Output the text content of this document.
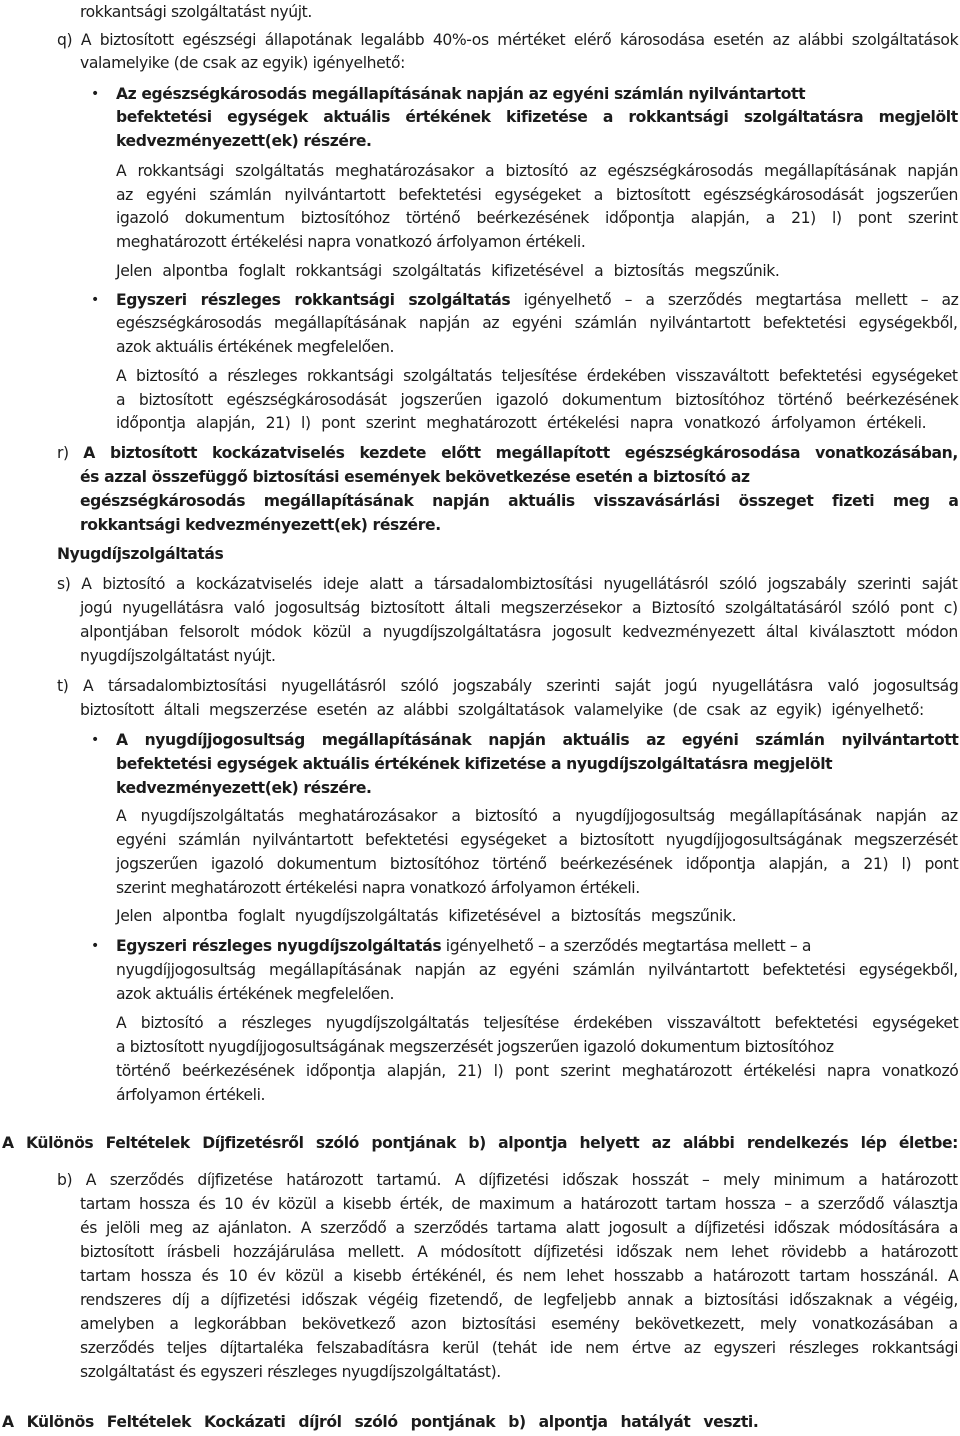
•
•
•
•
rokkantsági szolgáltatást nyújt.
q) A biztosított egészségi állapotának legalább 40%-os mértéket elérő károsodása esetén az alábbi szolgáltatások
valamelyike (de csak az egyik) igényelhető:
Az egészségkárosodás megállapításának napján az egyéni számlán nyilvántartott
befektetési egységek aktuális értékének kifizetése a rokkantsági szolgáltatásra megjelölt
kedvezményezett(ek) részére.
A rokkantsági szolgáltatás meghatározásakor a biztosító az egészségkárosodás megállapításának napján
az egyéni számlán nyilvántartott befektetési egységeket a biztosított egészségkárosodását jogszerűen
igazoló dokumentum biztosítóhoz történő beérkezésének időpontja alapján, a 21) l) pont szerint
meghatározott értékelési napra vonatkozó árfolyamon értékeli.
Jelen alpontba foglalt rokkantsági szolgáltatás kifizetésével a biztosítás megszűnik.
Egyszeri részleges rokkantsági szolgáltatás igényelhető – a szerződés megtartása mellett – az
egészségkárosodás megállapításának napján az egyéni számlán nyilvántartott befektetési egységekből,
azok aktuális értékének megfelelően.
A biztosító a részleges rokkantsági szolgáltatás teljesítése érdekében visszaváltott befektetési egységeket
a biztosított egészségkárosodását jogszerűen igazoló dokumentum biztosítóhoz történő beérkezésének
időpontja alapján, 21) l) pont szerint meghatározott értékelési napra vonatkozó árfolyamon értékeli.
r) A biztosított kockázatviselés kezdete előtt megállapított egészségkárosodása vonatkozásában,
és azzal összefüggő biztosítási események bekövetkezése esetén a biztosító az
egészségkárosodás megállapításának napján aktuális visszavásárlási összeget fizeti meg a
rokkantsági kedvezményezett(ek) részére.
Nyugdíjszolgáltatás
s) A biztosító a kockázatviselés ideje alatt a társadalombiztosítási nyugellátásról szóló jogszabály szerinti saját
jogú nyugellátásra való jogosultság biztosított általi megszerzésekor a Biztosító szolgáltatásáról szóló pont c)
alpontjában felsorolt módok közül a nyugdíjszolgáltatásra jogosult kedvezményezett által kiválasztott módon
nyugdíjszolgáltatást nyújt.
t) A társadalombiztosítási nyugellátásról szóló jogszabály szerinti saját jogú nyugellátásra való jogosultság
biztosított általi megszerzése esetén az alábbi szolgáltatások valamelyike (de csak az egyik) igényelhető:
A nyugdíjjogosultság megállapításának napján aktuális az egyéni számlán nyilvántartott
befektetési egységek aktuális értékének kifizetése a nyugdíjszolgáltatásra megjelölt
kedvezményezett(ek) részére.
A nyugdíjszolgáltatás meghatározásakor a biztosító a nyugdíjjogosultság megállapításának napján az
egyéni számlán nyilvántartott befektetési egységeket a biztosított nyugdíjjogosultságának megszerzését
jogszerűen igazoló dokumentum biztosítóhoz történő beérkezésének időpontja alapján, a 21) l) pont
szerint meghatározott értékelési napra vonatkozó árfolyamon értékeli.
Jelen alpontba foglalt nyugdíjszolgáltatás kifizetésével a biztosítás megszűnik.
Egyszeri részleges nyugdíjszolgáltatás igényelhető – a szerződés megtartása mellett – a
nyugdíjjogosultság megállapításának napján az egyéni számlán nyilvántartott befektetési egységekből,
azok aktuális értékének megfelelően.
A biztosító a részleges nyugdíjszolgáltatás teljesítése érdekében visszaváltott befektetési egységeket
a biztosított nyugdíjjogosultságának megszerzését jogszerűen igazoló dokumentum biztosítóhoz
történő beérkezésének időpontja alapján, 21) l) pont szerint meghatározott értékelési napra vonatkozó
árfolyamon értékeli.
A Különös Feltételek Díjfizetésről szóló pontjának b) alpontja helyett az alábbi rendelkezés lép életbe:
b) A szerződés díjfizetése határozott tartamú. A díjfizetési időszak hosszát – mely minimum a határozott
tartam hossza és 10 év közül a kisebb érték, de maximum a határozott tartam hossza – a szerződő választja
és jelöli meg az ajánlaton. A szerződő a szerződés tartama alatt jogosult a díjfizetési időszak módosítására a
biztosított írásbeli hozzájárulása mellett. A módosított díjfizetési időszak nem lehet rövidebb a határozott
tartam hossza és 10 év közül a kisebb értékénél, és nem lehet hosszabb a határozott tartam hosszánál. A
rendszeres díj a díjfizetési időszak végéig fizetendő, de legfeljebb annak a biztosítási időszaknak a végéig,
amelyben a legkorábban bekövetkező azon biztosítási esemény bekövetkezett, mely vonatkozásában a
szerződés teljes díjtartaléka felszabadításra kerül (tehát ide nem értve az egyszeri részleges rokkantsági
szolgáltatást és egyszeri részleges nyugdíjszolgáltatást).
A Különös Feltételek Kockázati díjról szóló pontjának b) alpontja hatályát veszti.
